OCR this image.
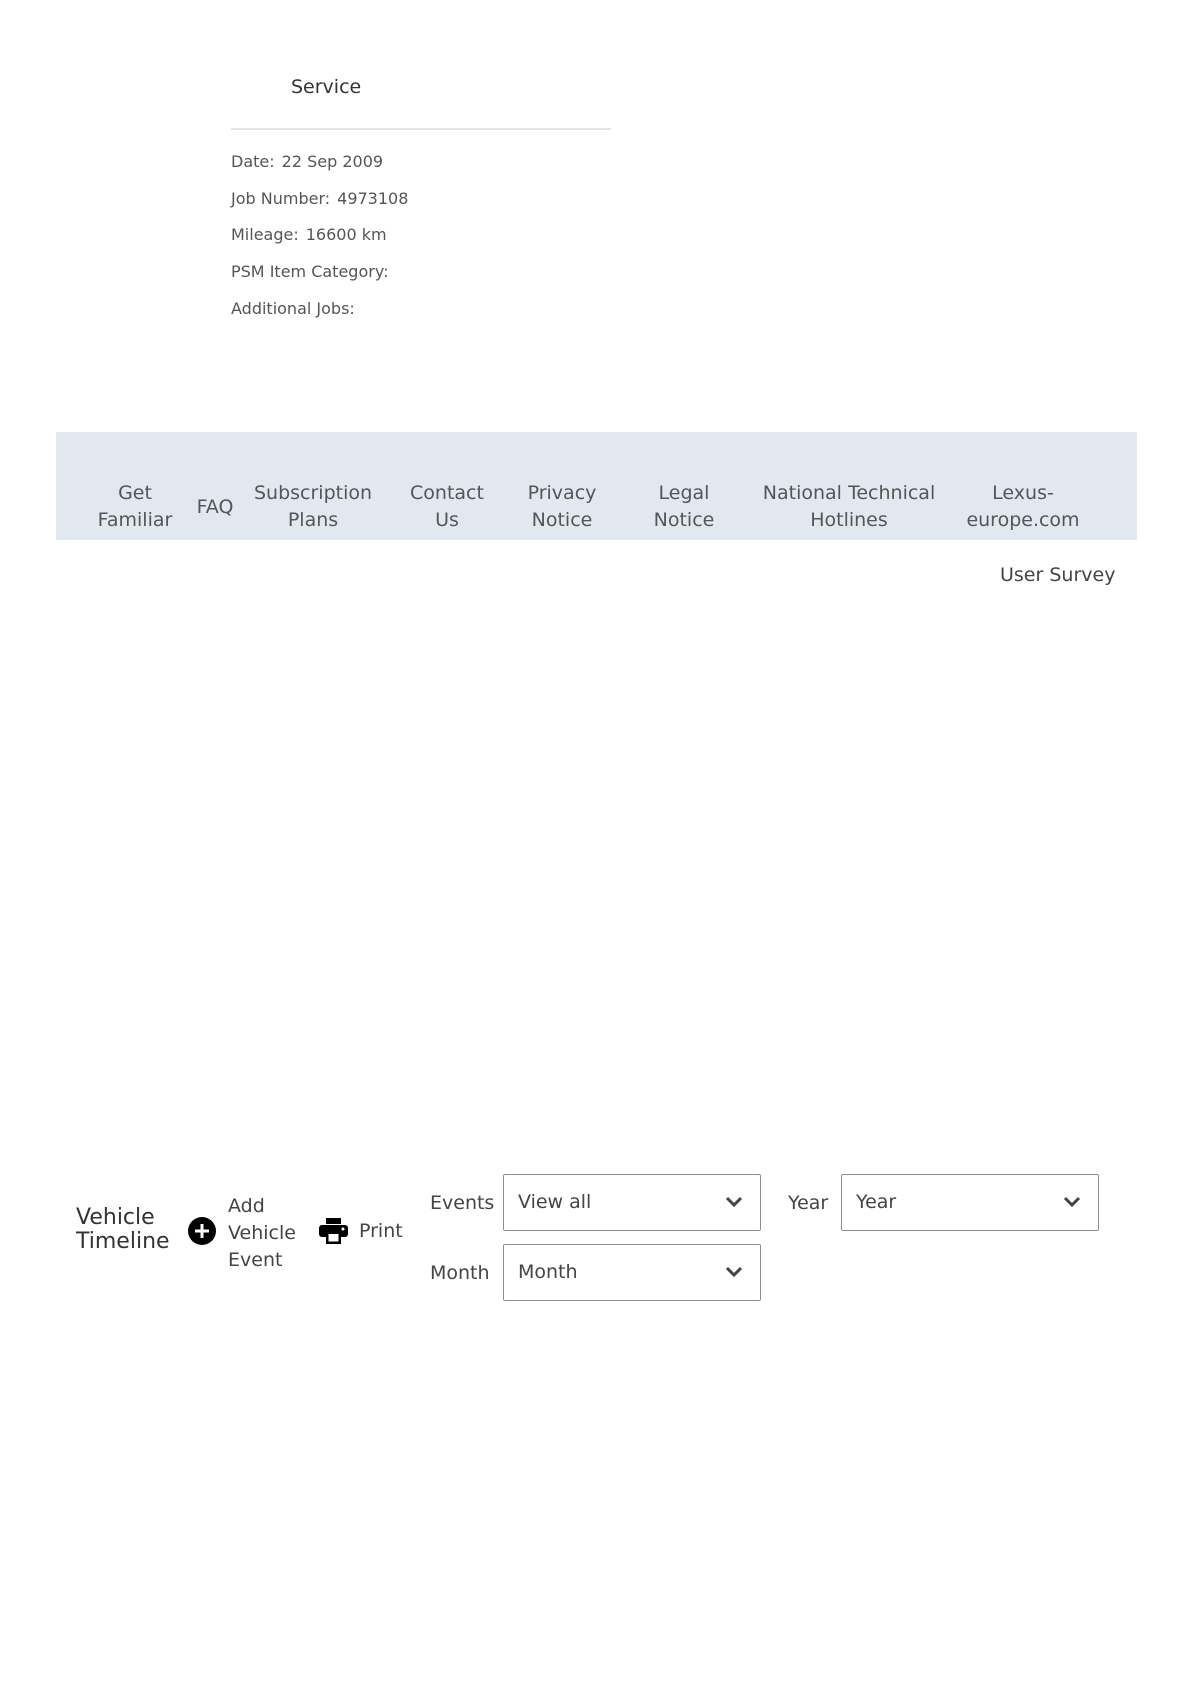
Service
Date: 22 Sep 2009
Job Number: 4973108
Mileage: 16600 km
PSM Item Category:
Additional Jobs:
Get
Familiar
FAQ
Subscription
Plans
Contact
Us
Privacy
Notice
Legal
Notice
National Technical
Hotlines
Lexus-
europe.com
User Survey
Vehicle
Timeline
Add
Vehicle
Event
Print
Events	View all	Year	Year
Month	Month
